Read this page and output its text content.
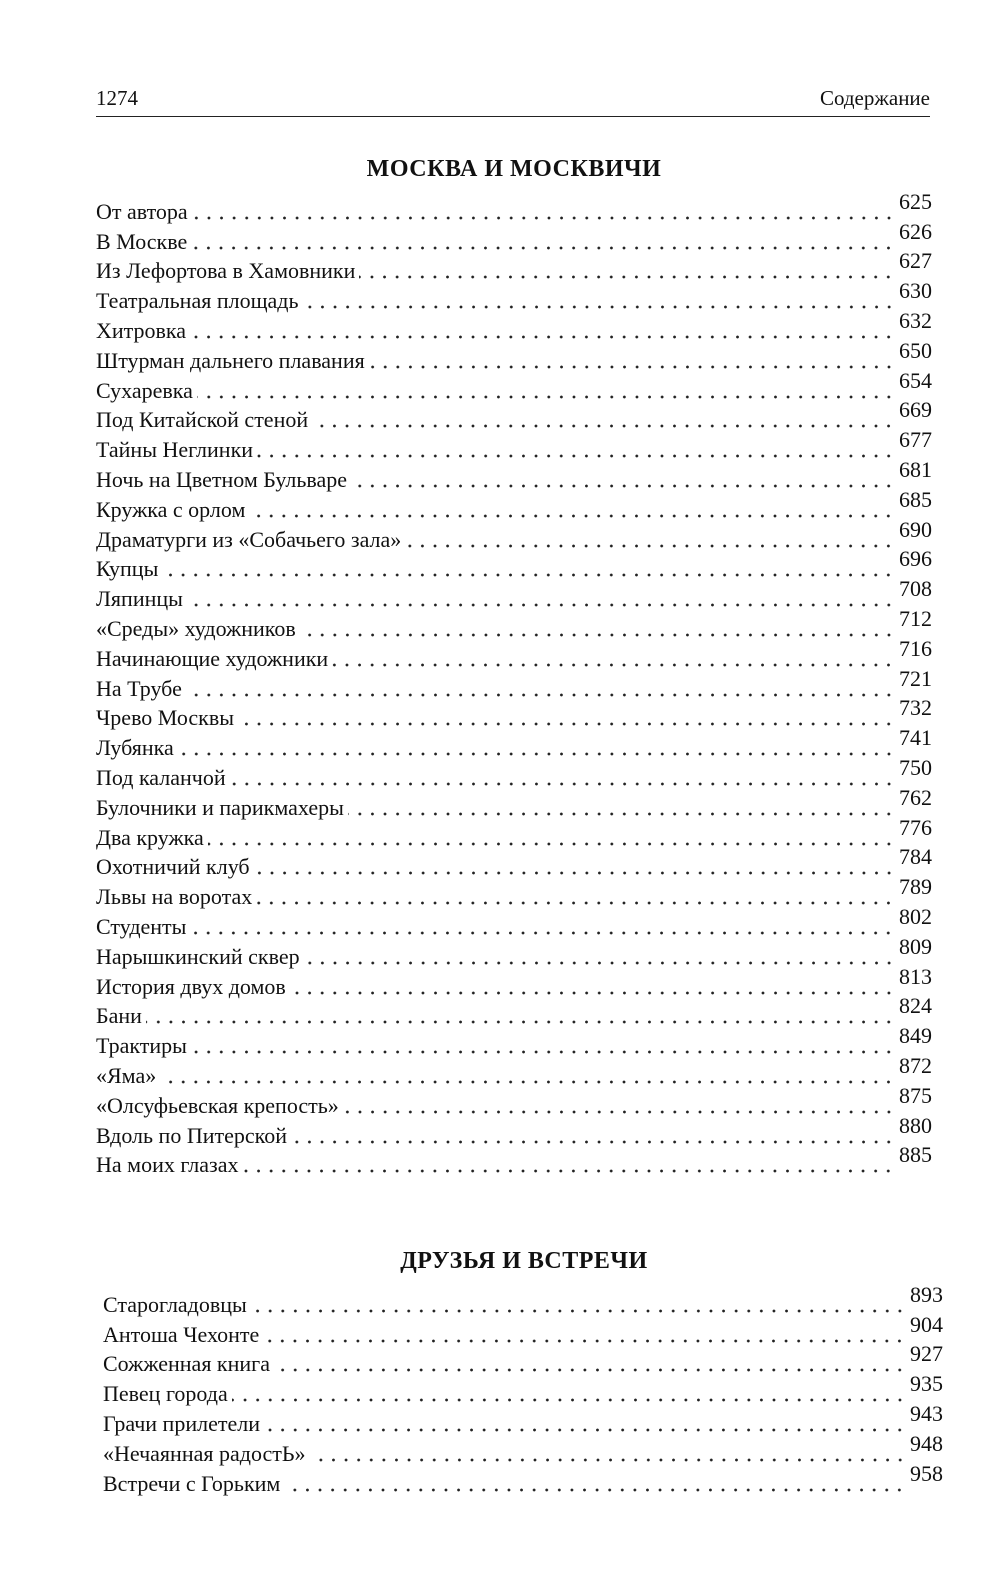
1274	Содержание
МОСКВА И МОСКВИЧИ
От автора	625
В Москве	626
Из Лефортова в Хамовники	627
Театральная площадь	630
Хитровка	632
Штурман дальнего плавания	650
Сухаревка	654
Под Китайской стеной	669
Тайны Неглинки	677
Ночь на Цветном Бульваре	681
Кружка с орлом	685
Драматурги из «Собачьего зала»	690
Купцы	696
Ляпинцы	708
«Среды» художников	712
Начинающие художники	716
На Трубе	721
Чрево Москвы	732
Лубянка	741
Под каланчой	750
Булочники и парикмахеры	762
Два кружка	776
Охотничий клуб	784
Львы на воротах	789
Студенты	802
Нарышкинский сквер	809
История двух домов	813
Бани	824
Трактиры	849
«Яма»	872
«Олсуфьевская крепость»	875
Вдоль по Питерской	880
На моих глазах	885
ДРУЗЬЯ И ВСТРЕЧИ
Старогладовцы	893
Антоша Чехонте	904
Сожженная книга	927
Певец города	935
Грачи прилетели	943
«Нечаянная радостЬ»	948
Встречи с Горьким	958
